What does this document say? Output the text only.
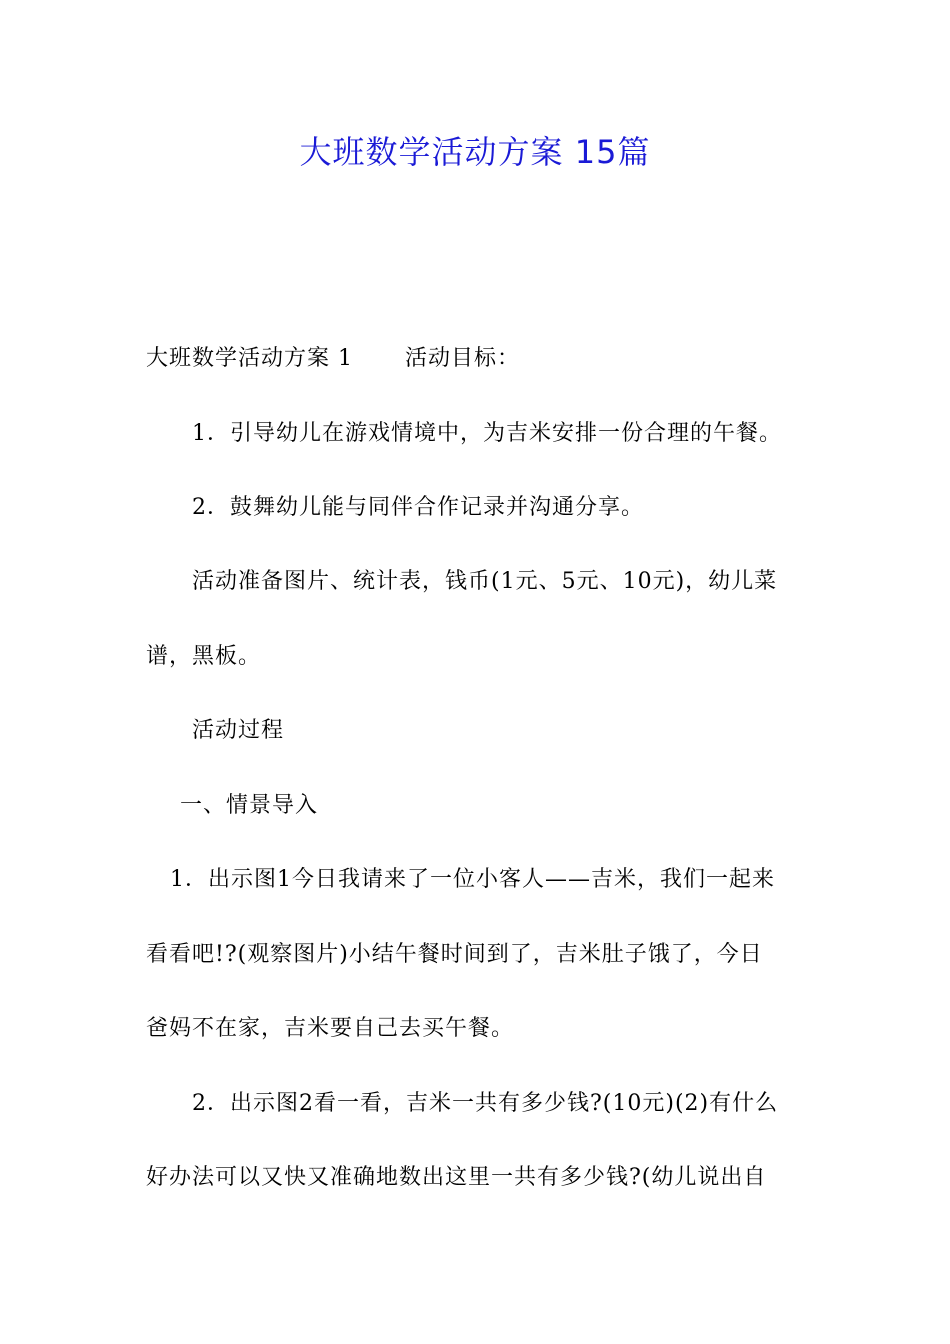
大班数学活动方案 15篇
大班数学活动方案 1 活动目标：
1．引导幼儿在游戏情境中，为吉米安排一份合理的午餐。
2．鼓舞幼儿能与同伴合作记录并沟通分享。
活动准备图片、统计表，钱币(1元、5元、10元)，幼儿菜
谱，黑板。
活动过程
一、情景导入
1．出示图1今日我请来了一位小客人——吉米，我们一起来
看看吧!?(观察图片)小结午餐时间到了，吉米肚子饿了，今日
爸妈不在家，吉米要自己去买午餐。
2．出示图2看一看，吉米一共有多少钱?(10元)(2)有什么
好办法可以又快又准确地数出这里一共有多少钱?(幼儿说出自
